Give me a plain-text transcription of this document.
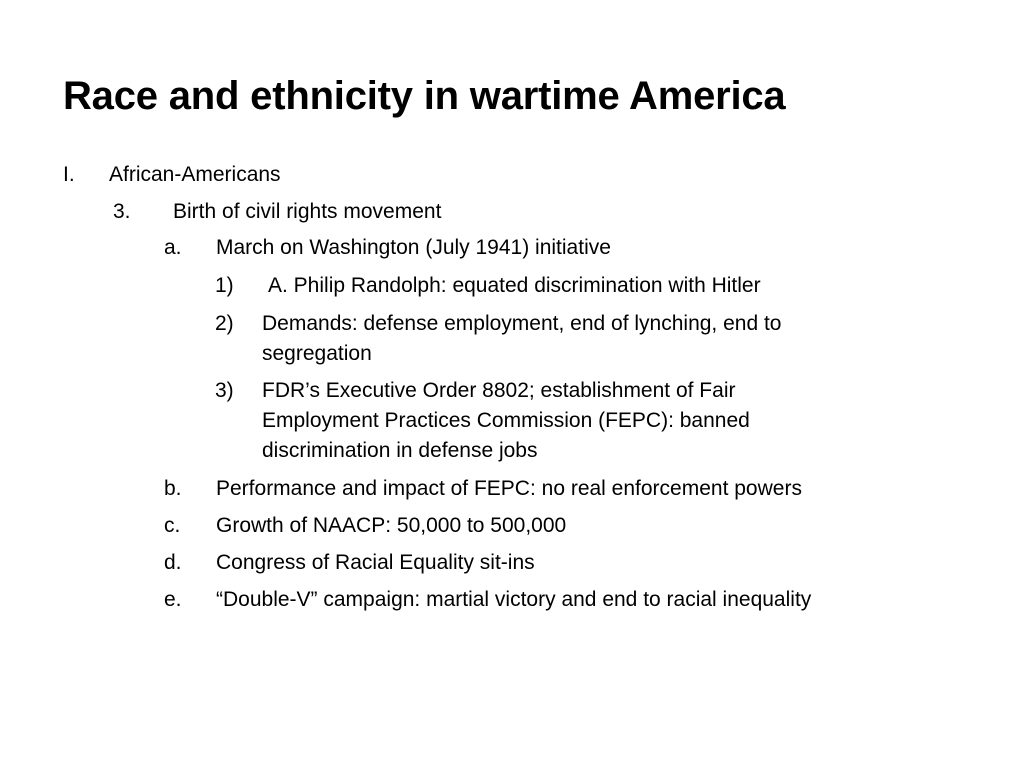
Race and ethnicity in wartime America
I. African-Americans
3. Birth of civil rights movement
a. March on Washington (July 1941) initiative
1) A. Philip Randolph: equated discrimination with Hitler
2) Demands: defense employment, end of lynching, end to
segregation
3) FDR’s Executive Order 8802; establishment of Fair
Employment Practices Commission (FEPC): banned
discrimination in defense jobs
b. Performance and impact of FEPC: no real enforcement powers
c. Growth of NAACP: 50,000 to 500,000
d. Congress of Racial Equality sit-ins
e. “Double-V” campaign: martial victory and end to racial inequality
